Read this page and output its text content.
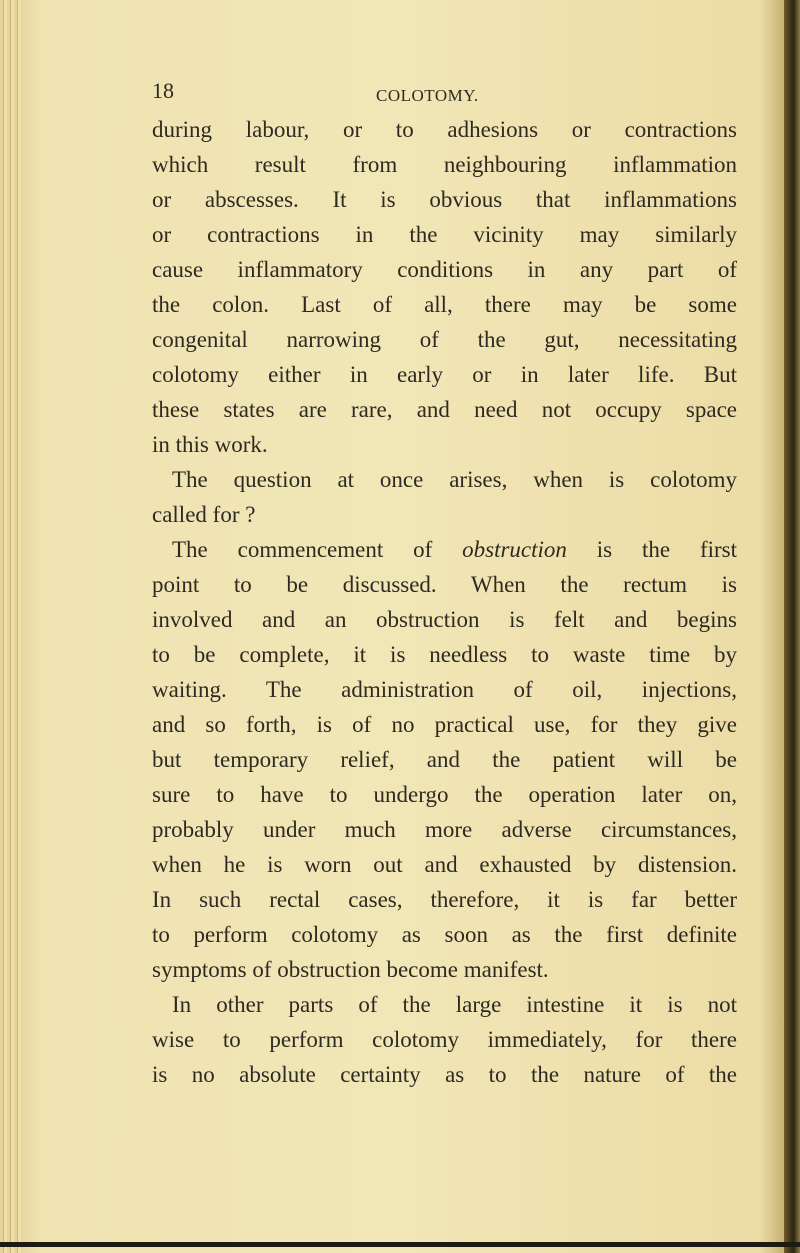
18	COLOTOMY.
during labour, or to adhesions or contractions
which result from neighbouring inflammation
or abscesses. It is obvious that inflammations
or contractions in the vicinity may similarly
cause inflammatory conditions in any part of
the colon. Last of all, there may be some
congenital narrowing of the gut, necessitating
colotomy either in early or in later life. But
these states are rare, and need not occupy space
in this work.
The question at once arises, when is colotomy
called for ?
The commencement of obstruction is the first
point to be discussed. When the rectum is
involved and an obstruction is felt and begins
to be complete, it is needless to waste time by
waiting. The administration of oil, injections,
and so forth, is of no practical use, for they give
but temporary relief, and the patient will be
sure to have to undergo the operation later on,
probably under much more adverse circumstances,
when he is worn out and exhausted by distension.
In such rectal cases, therefore, it is far better
to perform colotomy as soon as the first definite
symptoms of obstruction become manifest.
In other parts of the large intestine it is not
wise to perform colotomy immediately, for there
is no absolute certainty as to the nature of the
